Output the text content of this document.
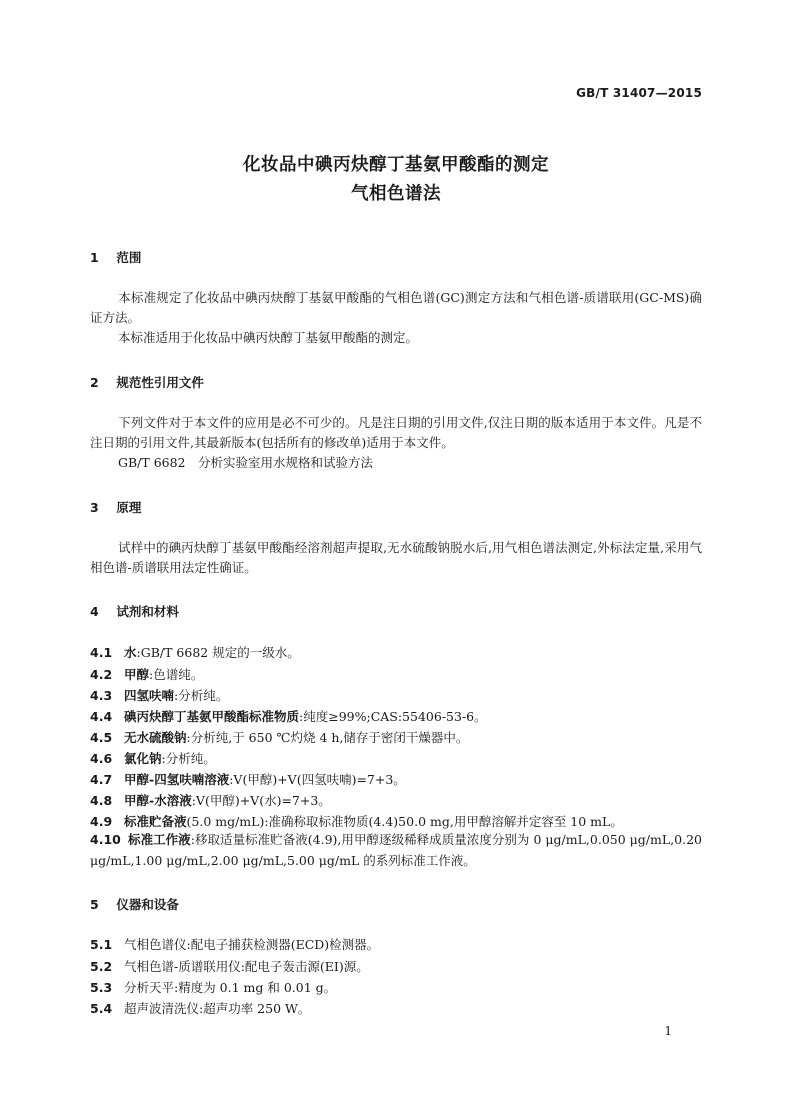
GB/T 31407—2015
化妆品中碘丙炔醇丁基氨甲酸酯的测定
气相色谱法
1 范围
本标准规定了化妆品中碘丙炔醇丁基氨甲酸酯的气相色谱(GC)测定方法和气相色谱-质谱联用(GC-MS)确证方法。
本标准适用于化妆品中碘丙炔醇丁基氨甲酸酯的测定。
2 规范性引用文件
下列文件对于本文件的应用是必不可少的。凡是注日期的引用文件,仅注日期的版本适用于本文件。凡是不注日期的引用文件,其最新版本(包括所有的修改单)适用于本文件。
GB/T 6682　分析实验室用水规格和试验方法
3 原理
试样中的碘丙炔醇丁基氨甲酸酯经溶剂超声提取,无水硫酸钠脱水后,用气相色谱法测定,外标法定量,采用气相色谱-质谱联用法定性确证。
4 试剂和材料
4.1 水:GB/T 6682 规定的一级水。
4.2 甲醇:色谱纯。
4.3 四氢呋喃:分析纯。
4.4 碘丙炔醇丁基氨甲酸酯标准物质:纯度≥99%;CAS:55406-53-6。
4.5 无水硫酸钠:分析纯,于 650 ℃灼烧 4 h,储存于密闭干燥器中。
4.6 氯化钠:分析纯。
4.7 甲醇-四氢呋喃溶液:V(甲醇)+V(四氢呋喃)=7+3。
4.8 甲醇-水溶液:V(甲醇)+V(水)=7+3。
4.9 标准贮备液(5.0 mg/mL):准确称取标准物质(4.4)50.0 mg,用甲醇溶解并定容至 10 mL。
4.10 标准工作液:移取适量标准贮备液(4.9),用甲醇逐级稀释成质量浓度分别为 0 μg/mL,0.050 μg/mL,0.20 μg/mL,1.00 μg/mL,2.00 μg/mL,5.00 μg/mL 的系列标准工作液。
5 仪器和设备
5.1 气相色谱仪:配电子捕获检测器(ECD)检测器。
5.2 气相色谱-质谱联用仪:配电子轰击源(EI)源。
5.3 分析天平:精度为 0.1 mg 和 0.01 g。
5.4 超声波清洗仪:超声功率 250 W。
1
